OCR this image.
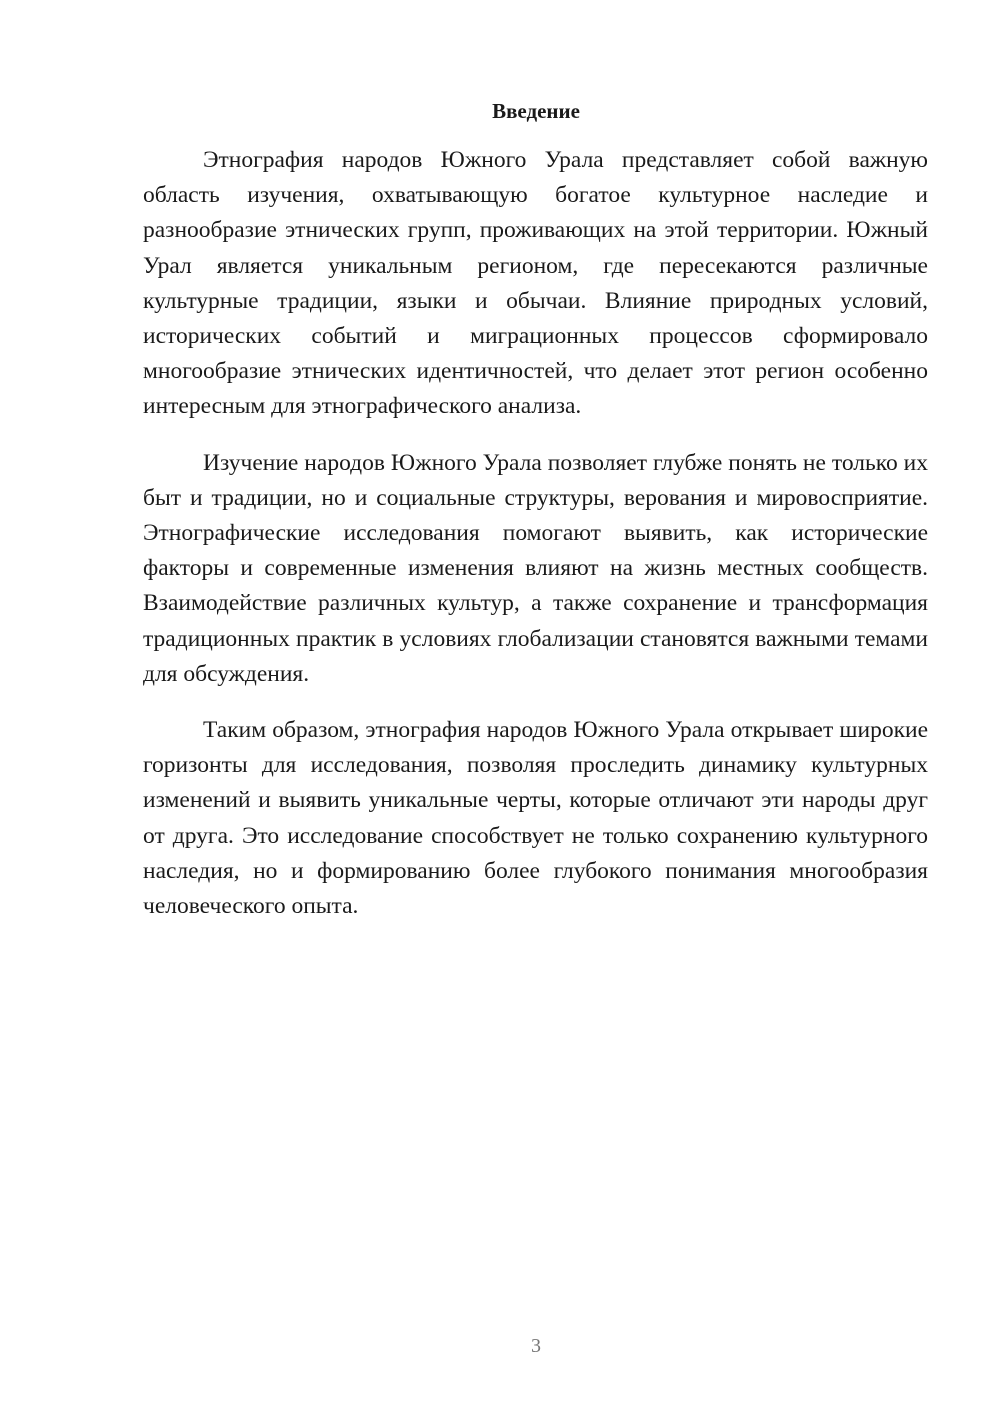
Введение

Этнография народов Южного Урала представляет собой важную область изучения, охватывающую богатое культурное наследие и разнообразие этнических групп, проживающих на этой территории. Южный Урал является уникальным регионом, где пересекаются различные культурные традиции, языки и обычаи. Влияние природных условий, исторических событий и миграционных процессов сформировало многообразие этнических идентичностей, что делает этот регион особенно интересным для этнографического анализа.

Изучение народов Южного Урала позволяет глубже понять не только их быт и традиции, но и социальные структуры, верования и мировосприятие. Этнографические исследования помогают выявить, как исторические факторы и современные изменения влияют на жизнь местных сообществ. Взаимодействие различных культур, а также сохранение и трансформация традиционных практик в условиях глобализации становятся важными темами для обсуждения.

Таким образом, этнография народов Южного Урала открывает широкие горизонты для исследования, позволяя проследить динамику культурных изменений и выявить уникальные черты, которые отличают эти народы друг от друга. Это исследование способствует не только сохранению культурного наследия, но и формированию более глубокого понимания многообразия человеческого опыта.

3
